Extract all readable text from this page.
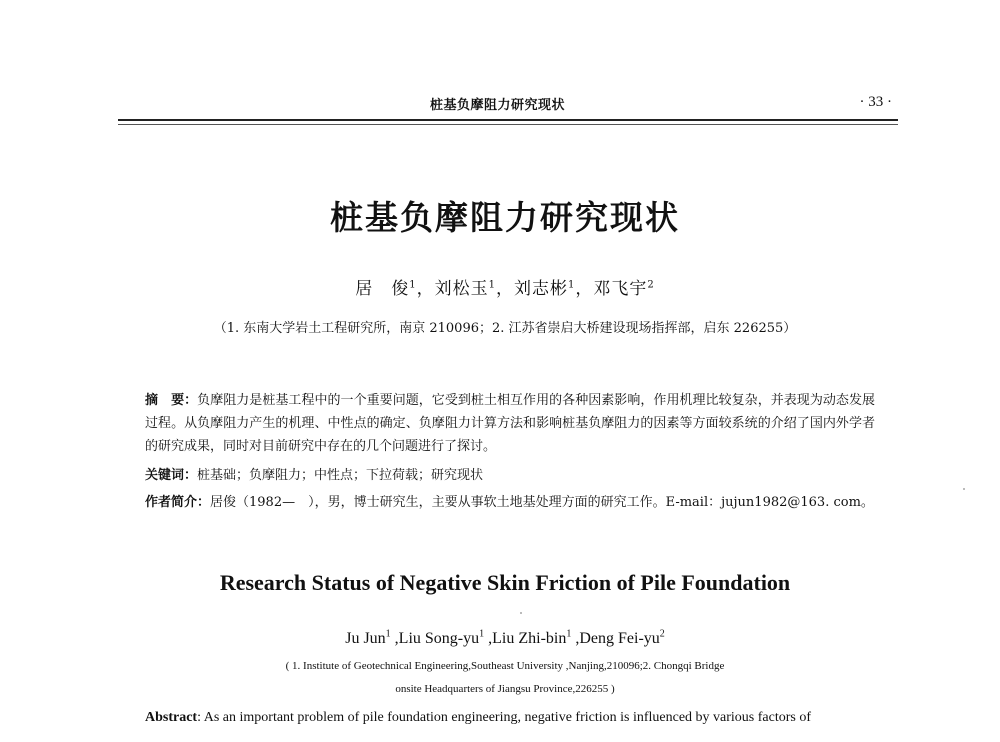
桩基负摩阻力研究现状	· 33 ·
桩基负摩阻力研究现状
居　俊$^1$，刘松玉$^1$，刘志彬$^1$，邓飞宇$^2$
（1. 东南大学岩土工程研究所，南京 210096；2. 江苏省崇启大桥建设现场指挥部，启东 226255）
摘　要：负摩阻力是桩基工程中的一个重要问题，它受到桩土相互作用的各种因素影响，作用机理比较复杂，并表现为动态发展过程。从负摩阻力产生的机理、中性点的确定、负摩阻力计算方法和影响桩基负摩阻力的因素等方面较系统的介绍了国内外学者的研究成果，同时对目前研究中存在的几个问题进行了探讨。
关键词：桩基础；负摩阻力；中性点；下拉荷载；研究现状
作者简介：居俊（1982—　），男，博士研究生，主要从事软土地基处理方面的研究工作。E-mail：jujun1982@163. com。
Research Status of Negative Skin Friction of Pile Foundation
Ju Jun$^1$ ,Liu Song-$yu^1$ ,Liu Zhi-bin$^1$ ,Deng Fei-$yu^2$
( 1. Institute of Geotechnical Engineering,Southeast University ,Nanjing,210096;2. Chongqi Bridge
onsite Headquarters of Jiangsu Province,226255 )
Abstract: As an important problem of pile foundation engineering, negative friction is influenced by various factors of
